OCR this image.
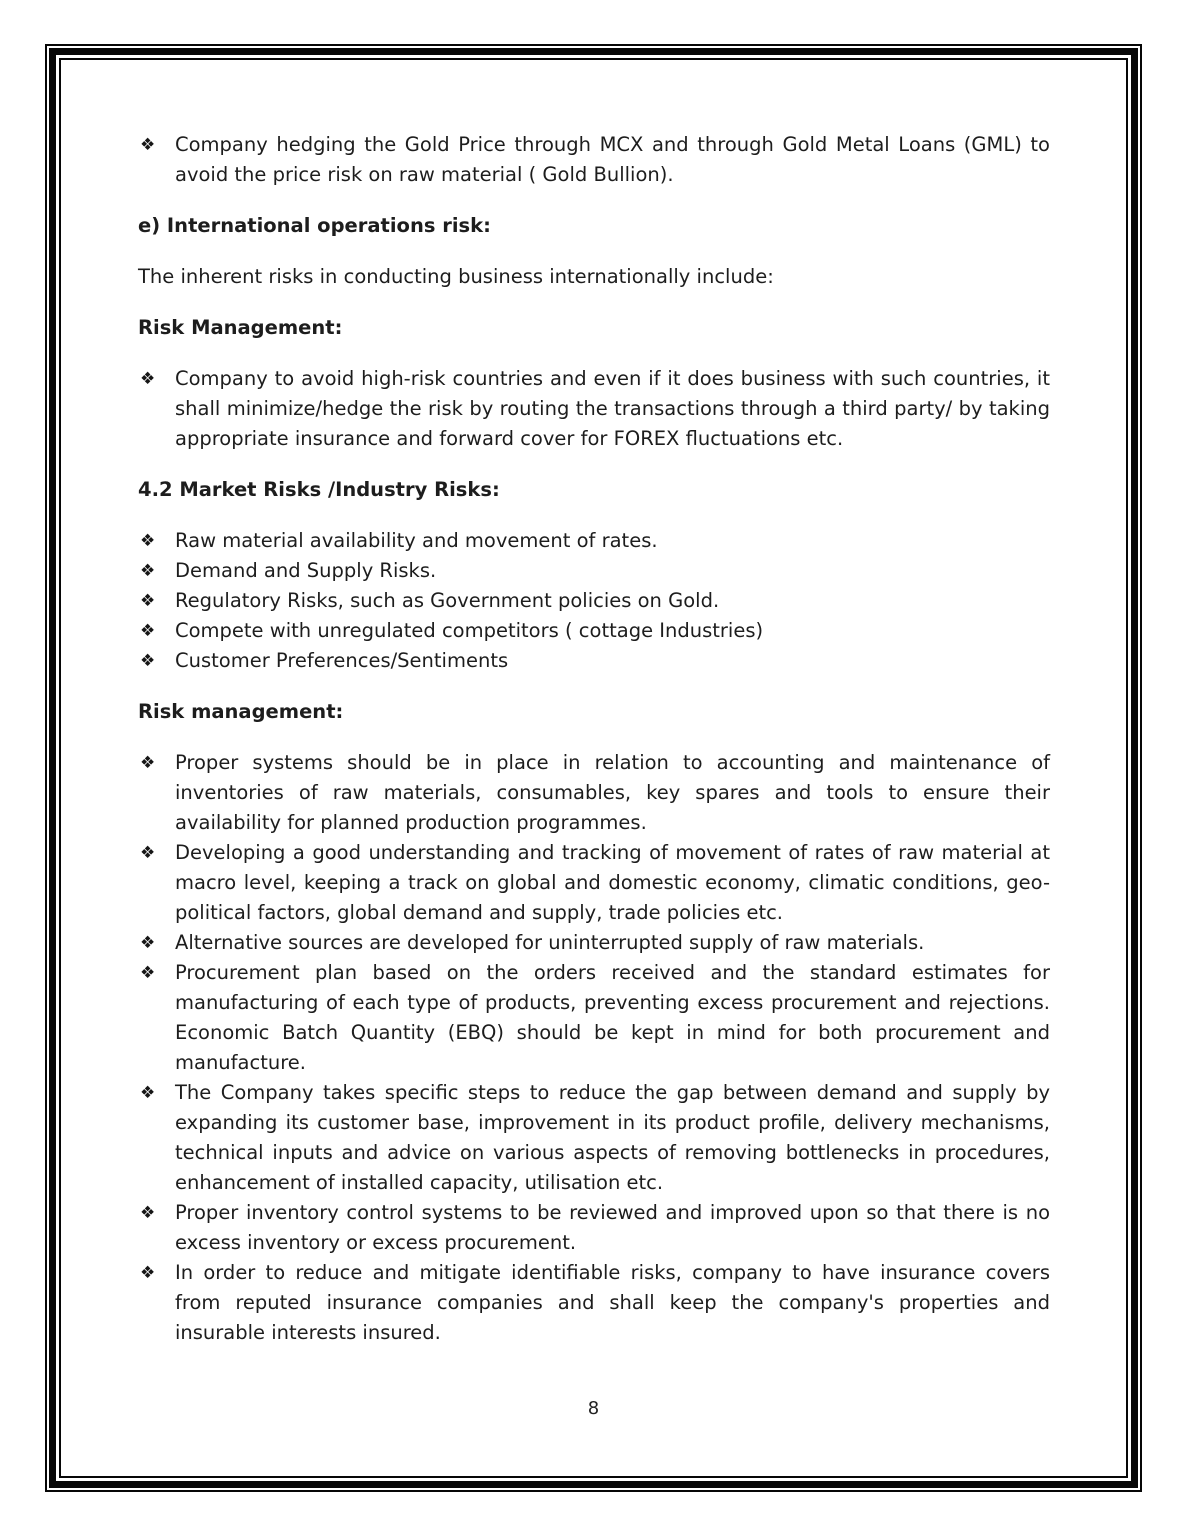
❖ Company hedging the Gold Price through MCX and through Gold Metal Loans (GML) to avoid the price risk on raw material ( Gold Bullion).
e) International operations risk:
The inherent risks in conducting business internationally include:
Risk Management:
❖ Company to avoid high-risk countries and even if it does business with such countries, it shall minimize/hedge the risk by routing the transactions through a third party/ by taking appropriate insurance and forward cover for FOREX fluctuations etc.
4.2 Market Risks /Industry Risks:
❖ Raw material availability and movement of rates.
❖ Demand and Supply Risks.
❖ Regulatory Risks, such as Government policies on Gold.
❖ Compete with unregulated competitors ( cottage Industries)
❖ Customer Preferences/Sentiments
Risk management:
❖ Proper systems should be in place in relation to accounting and maintenance of inventories of raw materials, consumables, key spares and tools to ensure their availability for planned production programmes.
❖ Developing a good understanding and tracking of movement of rates of raw material at macro level, keeping a track on global and domestic economy, climatic conditions, geo-political factors, global demand and supply, trade policies etc.
❖ Alternative sources are developed for uninterrupted supply of raw materials.
❖ Procurement plan based on the orders received and the standard estimates for manufacturing of each type of products, preventing excess procurement and rejections. Economic Batch Quantity (EBQ) should be kept in mind for both procurement and manufacture.
❖ The Company takes specific steps to reduce the gap between demand and supply by expanding its customer base, improvement in its product profile, delivery mechanisms, technical inputs and advice on various aspects of removing bottlenecks in procedures, enhancement of installed capacity, utilisation etc.
❖ Proper inventory control systems to be reviewed and improved upon so that there is no excess inventory or excess procurement.
❖ In order to reduce and mitigate identifiable risks, company to have insurance covers from reputed insurance companies and shall keep the company's properties and insurable interests insured.
8
